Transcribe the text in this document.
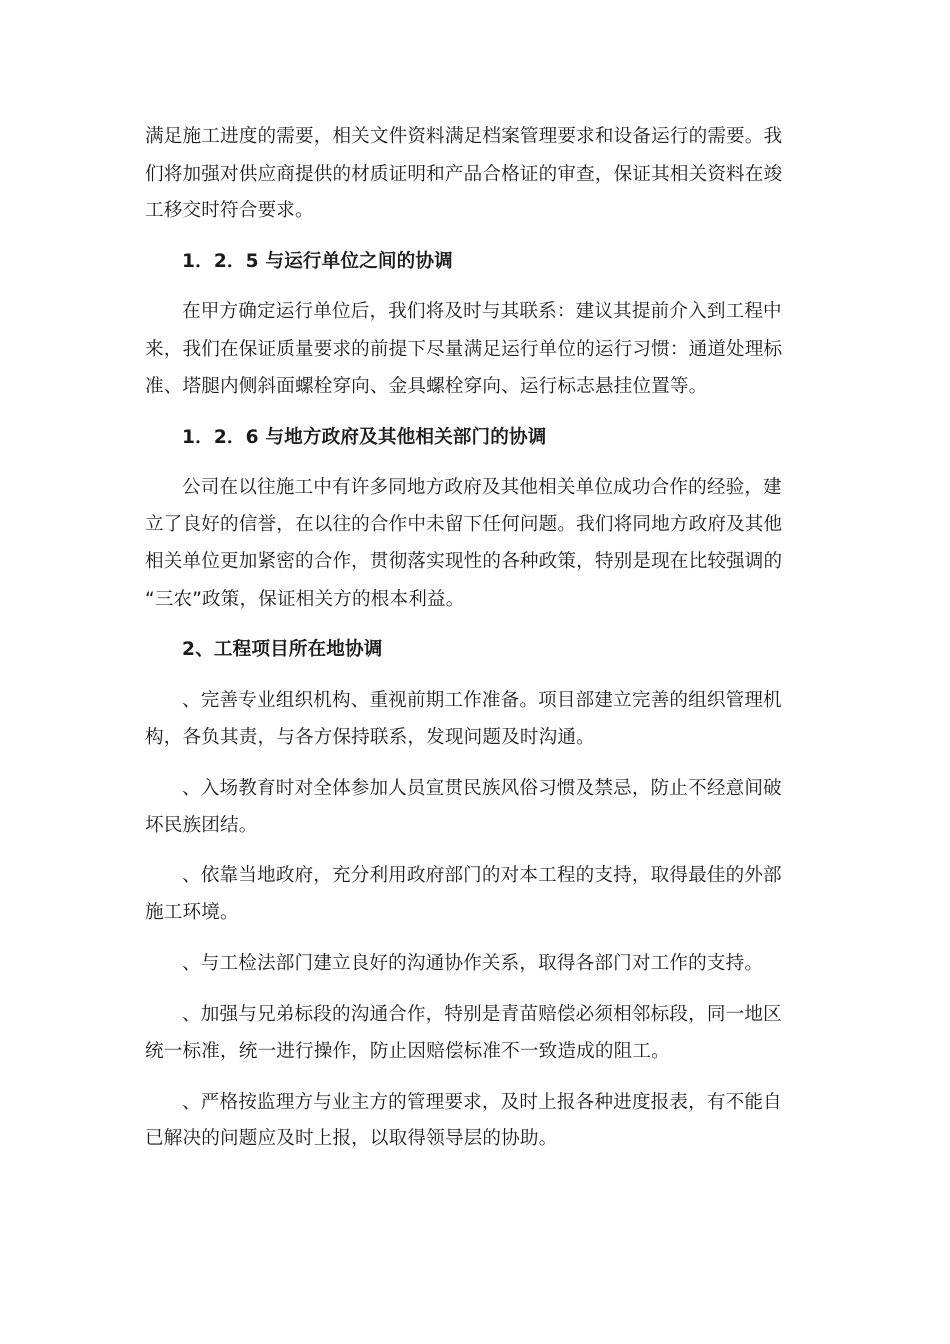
满足施工进度的需要，相关文件资料满足档案管理要求和设备运行的需要。我
们将加强对供应商提供的材质证明和产品合格证的审查，保证其相关资料在竣
工移交时符合要求。
1．2．5 与运行单位之间的协调
在甲方确定运行单位后，我们将及时与其联系：建议其提前介入到工程中
来，我们在保证质量要求的前提下尽量满足运行单位的运行习惯：通道处理标
准、塔腿内侧斜面螺栓穿向、金具螺栓穿向、运行标志悬挂位置等。
1．2．6 与地方政府及其他相关部门的协调
公司在以往施工中有许多同地方政府及其他相关单位成功合作的经验，建
立了良好的信誉，在以往的合作中未留下任何问题。我们将同地方政府及其他
相关单位更加紧密的合作，贯彻落实现性的各种政策，特别是现在比较强调的
“三农”政策，保证相关方的根本利益。
2、工程项目所在地协调
、完善专业组织机构、重视前期工作准备。项目部建立完善的组织管理机
构，各负其责，与各方保持联系，发现问题及时沟通。
、入场教育时对全体参加人员宣贯民族风俗习惯及禁忌，防止不经意间破
坏民族团结。
、依靠当地政府，充分利用政府部门的对本工程的支持，取得最佳的外部
施工环境。
、与工检法部门建立良好的沟通协作关系，取得各部门对工作的支持。
、加强与兄弟标段的沟通合作，特别是青苗赔偿必须相邻标段，同一地区
统一标准，统一进行操作，防止因赔偿标准不一致造成的阻工。
、严格按监理方与业主方的管理要求，及时上报各种进度报表，有不能自
已解决的问题应及时上报，以取得领导层的协助。
